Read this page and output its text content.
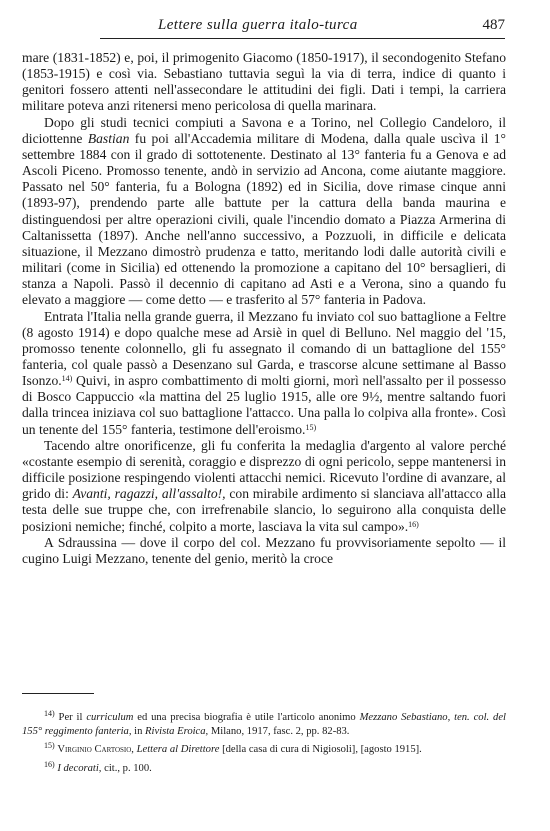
Lettere sulla guerra italo-turca	487

mare (1831-1852) e, poi, il primogenito Giacomo (1850-1917), il secondogenito Stefano (1853-1915) e così via. Sebastiano tuttavia seguì la via di terra, indice di quanto i genitori fossero attenti nell'assecondare le attitudini dei figli. Dati i tempi, la carriera militare poteva anzi ritenersi meno pericolosa di quella marinara.

Dopo gli studi tecnici compiuti a Savona e a Torino, nel Collegio Candeloro, il diciottenne Bastian fu poi all'Accademia militare di Modena, dalla quale uscìva il 1° settembre 1884 con il grado di sottotenente. Destinato al 13° fanteria fu a Genova e ad Ascoli Piceno. Promosso tenente, andò in servizio ad Ancona, come aiutante maggiore. Passato nel 50° fanteria, fu a Bologna (1892) ed in Sicilia, dove rimase cinque anni (1893-97), prendendo parte alle battute per la cattura della banda maurina e distinguendosi per altre operazioni civili, quale l'incendio domato a Piazza Armerina di Caltanissetta (1897). Anche nell'anno successivo, a Pozzuoli, in difficile e delicata situazione, il Mezzano dimostrò prudenza e tatto, meritando lodi dalle autorità civili e militari (come in Sicilia) ed ottenendo la promozione a capitano del 10° bersaglieri, di stanza a Napoli. Passò il decennio di capitano ad Asti e a Verona, sino a quando fu elevato a maggiore — come detto — e trasferito al 57° fanteria in Padova.

Entrata l'Italia nella grande guerra, il Mezzano fu inviato col suo battaglione a Feltre (8 agosto 1914) e dopo qualche mese ad Arsiè in quel di Belluno. Nel maggio del '15, promosso tenente colonnello, gli fu assegnato il comando di un battaglione del 155° fanteria, col quale passò a Desenzano sul Garda, e trascorse alcune settimane al Basso Isonzo.$^{14)}$ Quivi, in aspro combattimento di molti giorni, morì nell'assalto per il possesso di Bosco Cappuccio «la mattina del 25 luglio 1915, alle ore 9½, mentre saltando fuori dalla trincea iniziava col suo battaglione l'attacco. Una palla lo colpiva alla fronte». Così un tenente del 155° fanteria, testimone dell'eroismo.$^{15)}$

Tacendo altre onorificenze, gli fu conferita la medaglia d'argento al valore perché «costante esempio di serenità, coraggio e disprezzo di ogni pericolo, seppe mantenersi in difficile posizione respingendo violenti attacchi nemici. Ricevuto l'ordine di avanzare, al grido di: Avanti, ragazzi, all'assalto!, con mirabile ardimento si slanciava all'attacco alla testa delle sue truppe che, con irrefrenabile slancio, lo seguirono alla conquista delle posizioni nemiche; finché, colpito a morte, lasciava la vita sul campo».$^{16)}$

A Sdraussina — dove il corpo del col. Mezzano fu provvisoriamente sepolto — il cugino Luigi Mezzano, tenente del genio, meritò la croce

$^{14)}$ Per il curriculum ed una precisa biografia è utile l'articolo anonimo Mezzano Sebastiano, ten. col. del 155° reggimento fanteria, in Rivista Eroica, Milano, 1917, fasc. 2, pp. 82-83.

$^{15)}$ Virginio Cartosio, Lettera al Direttore [della casa di cura di Nigiosoli], [agosto 1915].

$^{16)}$ I decorati, cit., p. 100.
